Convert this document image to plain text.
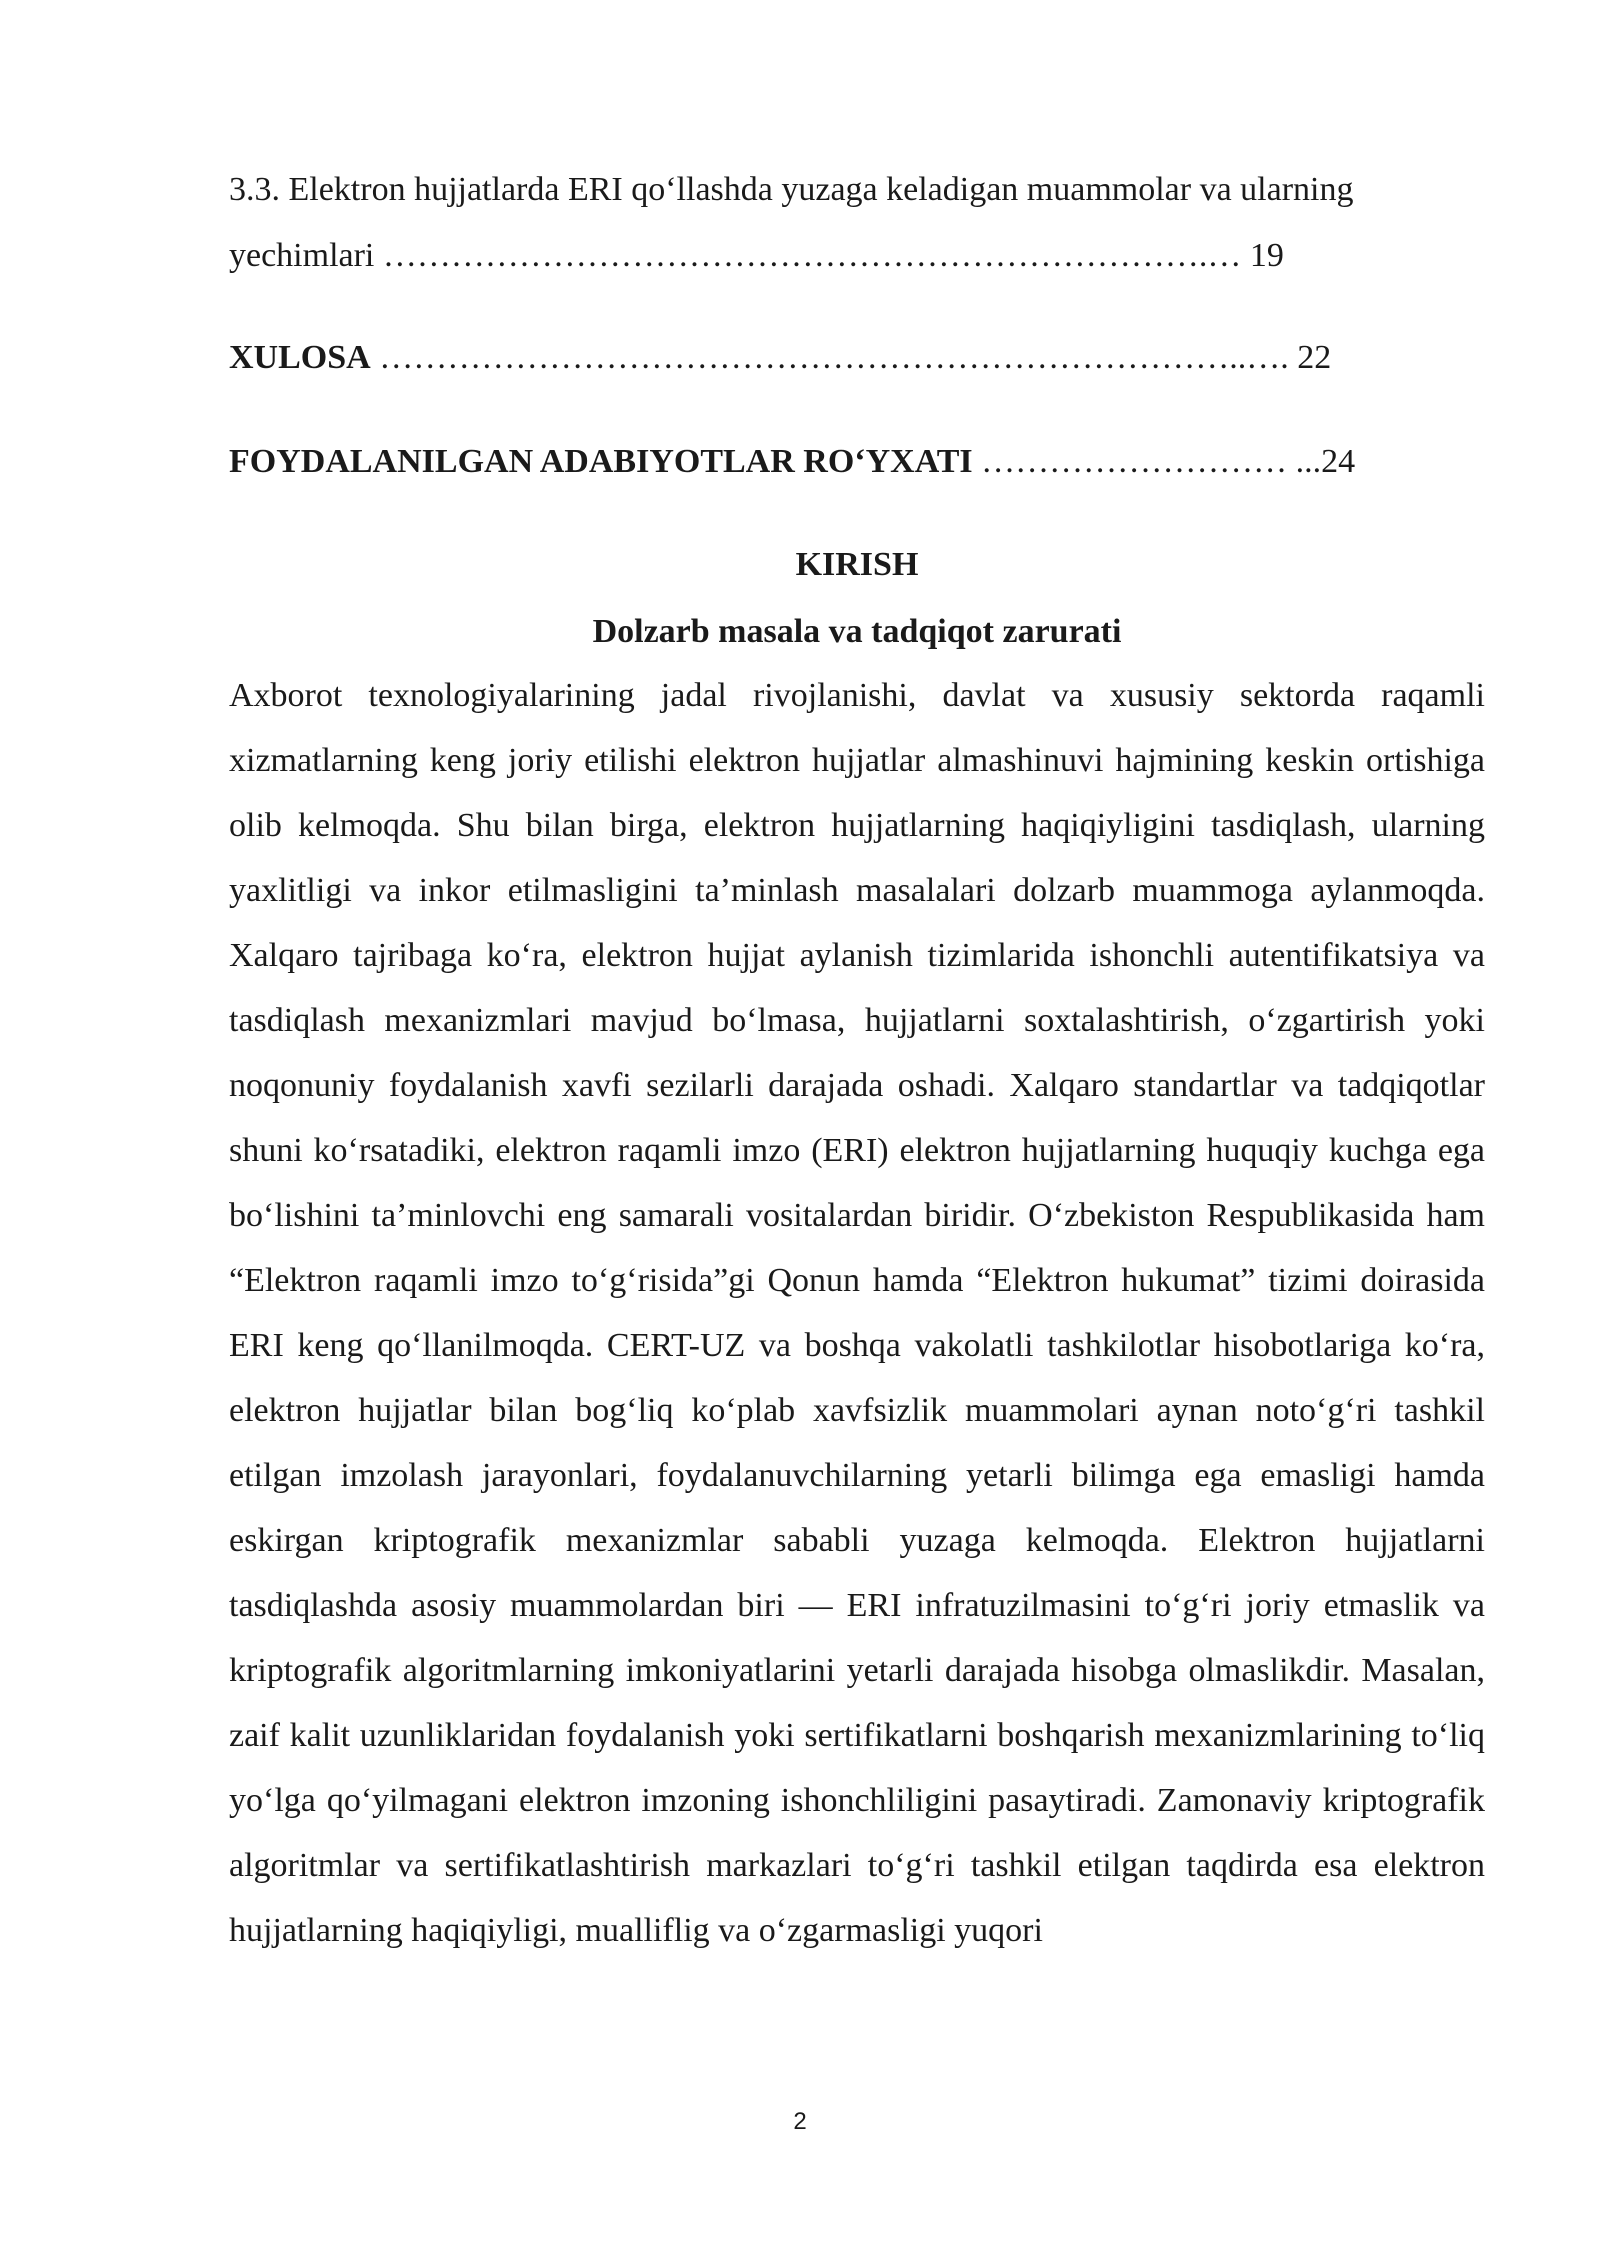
3.3. Elektron hujjatlarda ERI qo‘llashda yuzaga keladigan muammolar va ularning
yechimlari ……………………………………………………………….… 19
XULOSA …………………………………………………………………..…. 22
FOYDALANILGAN ADABIYOTLAR RO‘YXATI ……………………… ...24
KIRISH
Dolzarb masala va tadqiqot zarurati

Axborot texnologiyalarining jadal rivojlanishi, davlat va xususiy sektorda raqamli xizmatlarning keng joriy etilishi elektron hujjatlar almashinuvi hajmining keskin ortishiga olib kelmoqda. Shu bilan birga, elektron hujjatlarning haqiqiyligini tasdiqlash, ularning yaxlitligi va inkor etilmasligini ta’minlash masalalari dolzarb muammoga aylanmoqda. Xalqaro tajribaga ko‘ra, elektron hujjat aylanish tizimlarida ishonchli autentifikatsiya va tasdiqlash mexanizmlari mavjud bo‘lmasa, hujjatlarni soxtalashtirish, o‘zgartirish yoki noqonuniy foydalanish xavfi sezilarli darajada oshadi. Xalqaro standartlar va tadqiqotlar shuni ko‘rsatadiki, elektron raqamli imzo (ERI) elektron hujjatlarning huquqiy kuchga ega bo‘lishini ta’minlovchi eng samarali vositalardan biridir. O‘zbekiston Respublikasida ham “Elektron raqamli imzo to‘g‘risida”gi Qonun hamda “Elektron hukumat” tizimi doirasida ERI keng qo‘llanilmoqda. CERT-UZ va boshqa vakolatli tashkilotlar hisobotlariga ko‘ra, elektron hujjatlar bilan bog‘liq ko‘plab xavfsizlik muammolari aynan noto‘g‘ri tashkil etilgan imzolash jarayonlari, foydalanuvchilarning yetarli bilimga ega emasligi hamda eskirgan kriptografik mexanizmlar sababli yuzaga kelmoqda. Elektron hujjatlarni tasdiqlashda asosiy muammolardan biri — ERI infratuzilmasini to‘g‘ri joriy etmaslik va kriptografik algoritmlarning imkoniyatlarini yetarli darajada hisobga olmaslikdir. Masalan, zaif kalit uzunliklaridan foydalanish yoki sertifikatlarni boshqarish mexanizmlarining to‘liq yo‘lga qo‘yilmagani elektron imzoning ishonchliligini pasaytiradi. Zamonaviy kriptografik algoritmlar va sertifikatlashtirish markazlari to‘g‘ri tashkil etilgan taqdirda esa elektron hujjatlarning haqiqiyligi, mualliflig va o‘zgarmasligi yuqori

2
